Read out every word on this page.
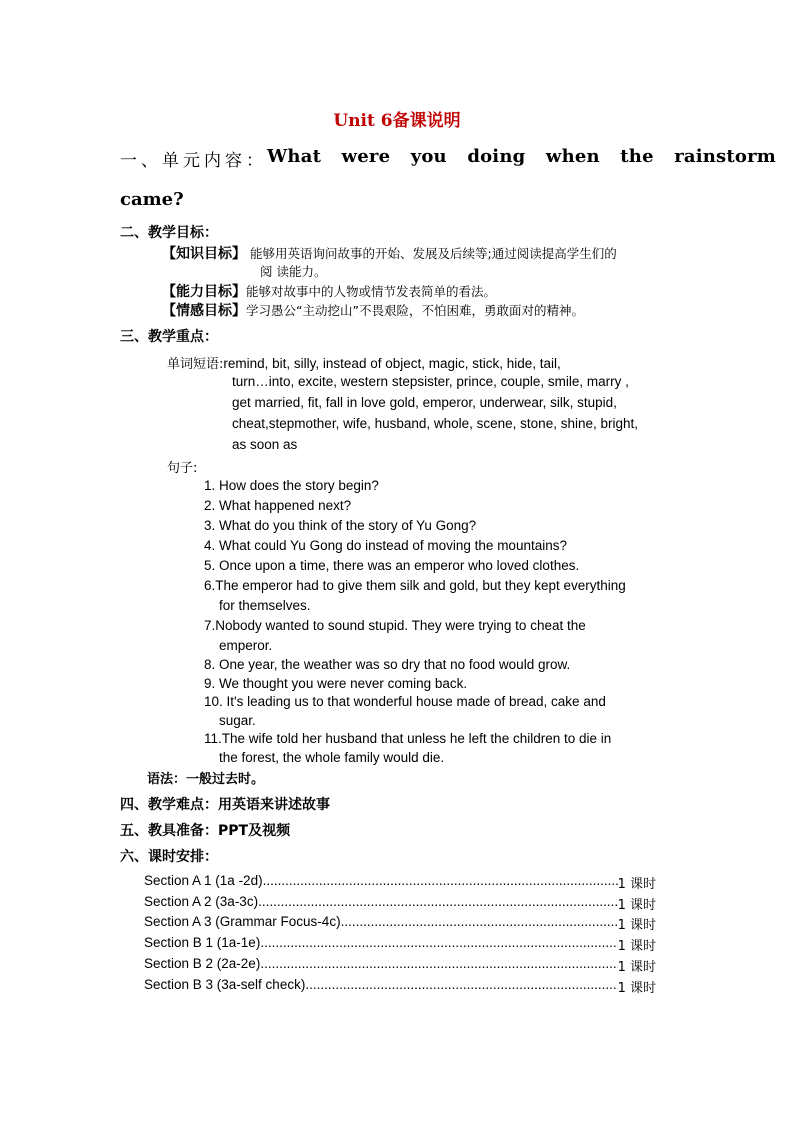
Unit 6备课说明
一、单元内容： What were you doing when the rainstorm
came?
二、教学目标：
【知识目标】 能够用英语询问故事的开始、发展及后续等;通过阅读提高学生们的
阅 读能力。
【能力目标】能够对故事中的人物或情节发表简单的看法。
【情感目标】学习愚公“主动挖山”不畏艰险，不怕困难，勇敢面对的精神。
三、教学重点：
单词短语:remind, bit, silly, instead of object, magic, stick, hide, tail,
turn…into, excite, western stepsister, prince, couple, smile, marry ,
get married, fit, fall in love gold, emperor, underwear, silk, stupid,
cheat,stepmother, wife, husband, whole, scene, stone, shine, bright,
as soon as
句子:
1. How does the story begin?
2. What happened next?
3. What do you think of the story of Yu Gong?
4. What could Yu Gong do instead of moving the mountains?
5. Once upon a time, there was an emperor who loved clothes.
6.The emperor had to give them silk and gold, but they kept everything
for themselves.
7.Nobody wanted to sound stupid. They were trying to cheat the
emperor.
8. One year, the weather was so dry that no food would grow.
9. We thought you were never coming back.
10. It's leading us to that wonderful house made of bread, cake and
sugar.
11.The wife told her husband that unless he left the children to die in
the forest, the whole family would die.
语法：一般过去时。
四、教学难点：用英语来讲述故事
五、教具准备：PPT及视频
六、课时安排：
Section A 1 (1a -2d) .....	1 课时
Section A 2 (3a-3c) .....	1 课时
Section A 3 (Grammar Focus-4c) .....	1 课时
Section B 1 (1a-1e) .....	1 课时
Section B 2 (2a-2e) .....	1 课时
Section B 3 (3a-self check) .....	1 课时
